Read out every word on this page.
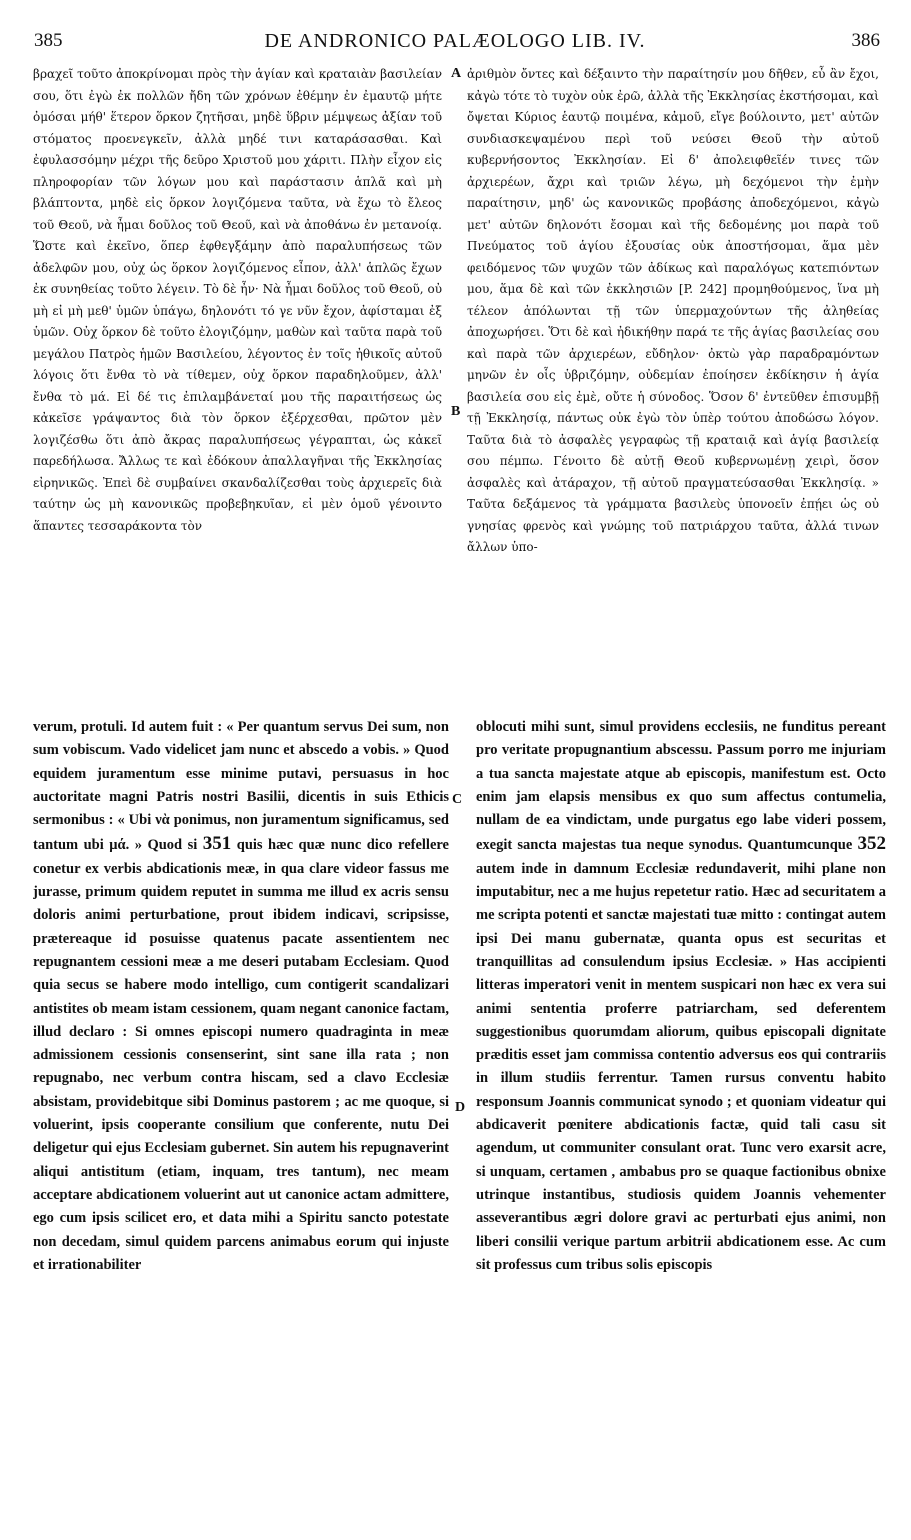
385	DE ANDRONICO PALÆOLOGO LIB. IV.	386

βραχεῖ τοῦτο ἀποκρίνομαι πρὸς τὴν ἁγίαν καὶ κραταιὰν βασιλείαν σου, ὅτι ἐγὼ ἐκ πολλῶν ἤδη τῶν χρόνων ἐθέμην ἐν ἐμαυτῷ μήτε ὀμόσαι μήθ' ἕτερον ὅρκον ζητῆσαι, μηδὲ ὕβριν μέμψεως ἀξίαν τοῦ στόματος προενεγκεῖν, ἀλλὰ μηδέ τινι καταράσασθαι. Καὶ ἐφυλασσόμην μέχρι τῆς δεῦρο Χριστοῦ μου χάριτι. Πλὴν εἶχον εἰς πληροφορίαν τῶν λόγων μου καὶ παράστασιν ἁπλᾶ καὶ μὴ βλάπτοντα, μηδὲ εἰς ὅρκον λογιζόμενα ταῦτα, νὰ ἔχω τὸ ἔλεος τοῦ Θεοῦ, νὰ ἦμαι δοῦλος τοῦ Θεοῦ, καὶ νὰ ἀποθάνω ἐν μετανοίᾳ. Ὥστε καὶ ἐκεῖνο, ὅπερ ἐφθεγξάμην ἀπὸ παραλυπήσεως τῶν ἀδελφῶν μου, οὐχ ὡς ὅρκον λογιζόμενος εἶπον, ἀλλ' ἁπλῶς ἔχων ἐκ συνηθείας τοῦτο λέγειν. Τὸ δὲ ἦν· Νὰ ἦμαι δοῦλος τοῦ Θεοῦ, οὐ μὴ εἰ μὴ μεθ' ὑμῶν ὑπάγω, δηλονότι τό γε νῦν ἔχον, ἀφίσταμαι ἐξ ὑμῶν. Οὐχ ὅρκον δὲ τοῦτο ἐλογιζόμην, μαθὼν καὶ ταῦτα παρὰ τοῦ μεγάλου Πατρὸς ἡμῶν Βασιλείου, λέγοντος ἐν τοῖς ἠθικοῖς αὐτοῦ λόγοις ὅτι ἔνθα τὸ νὰ τίθεμεν, οὐχ ὅρκον παραδηλοῦμεν, ἀλλ' ἔνθα τὸ μά. Εἰ δέ τις ἐπιλαμβάνεταί μου τῆς παραιτήσεως ὡς κἀκεῖσε γράψαντος διὰ τὸν ὅρκον ἐξέρχεσθαι, πρῶτον μὲν λογιζέσθω ὅτι ἀπὸ ἄκρας παραλυπήσεως γέγραπται, ὡς κἀκεῖ παρεδήλωσα. Ἄλλως τε καὶ ἐδόκουν ἀπαλλαγῆναι τῆς Ἐκκλησίας εἰρηνικῶς. Ἐπεὶ δὲ συμβαίνει σκανδαλίζεσθαι τοὺς ἀρχιερεῖς διὰ ταύτην ὡς μὴ κανονικῶς προβεβηκυῖαν, εἰ μὲν ὁμοῦ γένοιντο ἅπαντες τεσσαράκοντα τὸν

ἀριθμὸν ὄντες καὶ δέξαιντο τὴν παραίτησίν μου δῆθεν, εὖ ἂν ἔχοι, κἀγὼ τότε τὸ τυχὸν οὐκ ἐρῶ, ἀλλὰ τῆς Ἐκκλησίας ἐκστήσομαι, καὶ ὄψεται Κύριος ἑαυτῷ ποιμένα, κἀμοῦ, εἴγε βούλοιντο, μετ' αὐτῶν συνδιασκεψαμένου περὶ τοῦ νεύσει Θεοῦ τὴν αὐτοῦ κυβερνήσοντος Ἐκκλησίαν. Εἰ δ' ἀπολειφθεῖέν τινες τῶν ἀρχιερέων, ἄχρι καὶ τριῶν λέγω, μὴ δεχόμενοι τὴν ἐμὴν παραίτησιν, μηδ' ὡς κανονικῶς προβάσης ἀποδεχόμενοι, κἀγὼ μετ' αὐτῶν δηλονότι ἔσομαι καὶ τῆς δεδομένης μοι παρὰ τοῦ Πνεύματος τοῦ ἁγίου ἐξουσίας οὐκ ἀποστήσομαι, ἅμα μὲν φειδόμενος τῶν ψυχῶν τῶν ἀδίκως καὶ παραλόγως κατεπιόντων μου, ἅμα δὲ καὶ τῶν ἐκκλησιῶν [P. 242] προμηθούμενος, ἵνα μὴ τέλεον ἀπόλωνται τῇ τῶν ὑπερμαχούντων τῆς ἀληθείας ἀποχωρήσει. Ὅτι δὲ καὶ ἠδικήθην παρά τε τῆς ἁγίας βασιλείας σου καὶ παρὰ τῶν ἀρχιερέων, εὔδηλον· ὀκτὼ γὰρ παραδραμόντων μηνῶν ἐν οἷς ὑβριζόμην, οὐδεμίαν ἐποίησεν ἐκδίκησιν ἡ ἁγία βασιλεία σου εἰς ἐμὲ, οὔτε ἡ σύνοδος. Ὅσον δ' ἐντεῦθεν ἐπισυμβῇ τῇ Ἐκκλησίᾳ, πάντως οὐκ ἐγὼ τὸν ὑπὲρ τούτου ἀποδώσω λόγον. Ταῦτα διὰ τὸ ἀσφαλὲς γεγραφὼς τῇ κραταιᾷ καὶ ἁγίᾳ βασιλείᾳ σου πέμπω. Γένοιτο δὲ αὐτῇ Θεοῦ κυβερνωμένῃ χειρὶ, ὅσον ἀσφαλὲς καὶ ἀτάραχον, τῇ αὐτοῦ πραγματεύσασθαι Ἐκκλησίᾳ. » Ταῦτα δεξάμενος τὰ γράμματα βασιλεὺς ὑπονοεῖν ἐπῄει ὡς οὐ γνησίας φρενὸς καὶ γνώμης τοῦ πατριάρχου ταῦτα, ἀλλά τινων ἄλλων ὑπο-

A
B
C
D

verum, protuli. Id autem fuit : « Per quantum servus Dei sum, non sum vobiscum. Vado videlicet jam nunc et abscedo a vobis. » Quod equidem juramentum esse minime putavi, persuasus in hoc auctoritate magni Patris nostri Basilii, dicentis in suis Ethicis sermonibus : « Ubi νὰ ponimus, non juramentum significamus, sed tantum ubi μά. » Quod si 351 quis hæc quæ nunc dico refellere conetur ex verbis abdicationis meæ, in qua clare videor fassus me jurasse, primum quidem reputet in summa me illud ex acris sensu doloris animi perturbatione, prout ibidem indicavi, scripsisse, prætereaque id posuisse quatenus pacate assentientem nec repugnantem cessioni meæ a me deseri putabam Ecclesiam. Quod quia secus se habere modo intelligo, cum contigerit scandalizari antistites ob meam istam cessionem, quam negant canonice factam, illud declaro : Si omnes episcopi numero quadraginta in meæ admissionem cessionis consenserint, sint sane illa rata ; non repugnabo, nec verbum contra hiscam, sed a clavo Ecclesiæ absistam, providebitque sibi Dominus pastorem ; ac me quoque, si voluerint, ipsis cooperante consilium que conferente, nutu Dei deligetur qui ejus Ecclesiam gubernet. Sin autem his repugnaverint aliqui antistitum (etiam, inquam, tres tantum), nec meam acceptare abdicationem voluerint aut ut canonice actam admittere, ego cum ipsis scilicet ero, et data mihi a Spiritu sancto potestate non decedam, simul quidem parcens animabus eorum qui injuste et irrationabiliter

oblocuti mihi sunt, simul providens ecclesiis, ne funditus pereant pro veritate propugnantium abscessu. Passum porro me injuriam a tua sancta majestate atque ab episcopis, manifestum est. Octo enim jam elapsis mensibus ex quo sum affectus contumelia, nullam de ea vindictam, unde purgatus ego labe videri possem, exegit sancta majestas tua neque synodus. Quantumcunque 352 autem inde in damnum Ecclesiæ redundaverit, mihi plane non imputabitur, nec a me hujus repetetur ratio. Hæc ad securitatem a me scripta potenti et sanctæ majestati tuæ mitto : contingat autem ipsi Dei manu gubernatæ, quanta opus est securitas et tranquillitas ad consulendum ipsius Ecclesiæ. » Has accipienti litteras imperatori venit in mentem suspicari non hæc ex vera sui animi sententia proferre patriarcham, sed deferentem suggestionibus quorumdam aliorum, quibus episcopali dignitate præditis esset jam commissa contentio adversus eos qui contrariis in illum studiis ferrentur. Tamen rursus conventu habito responsum Joannis communicat synodo ; et quoniam videatur qui abdicaverit pœnitere abdicationis factæ, quid tali casu sit agendum, ut communiter consulant orat. Tunc vero exarsit acre, si unquam, certamen , ambabus pro se quaque factionibus obnixe utrinque instantibus, studiosis quidem Joannis vehementer asseverantibus ægri dolore gravi ac perturbati ejus animi, non liberi consilii verique partum arbitrii abdicationem esse. Ac cum sit professus cum tribus solis episcopis
